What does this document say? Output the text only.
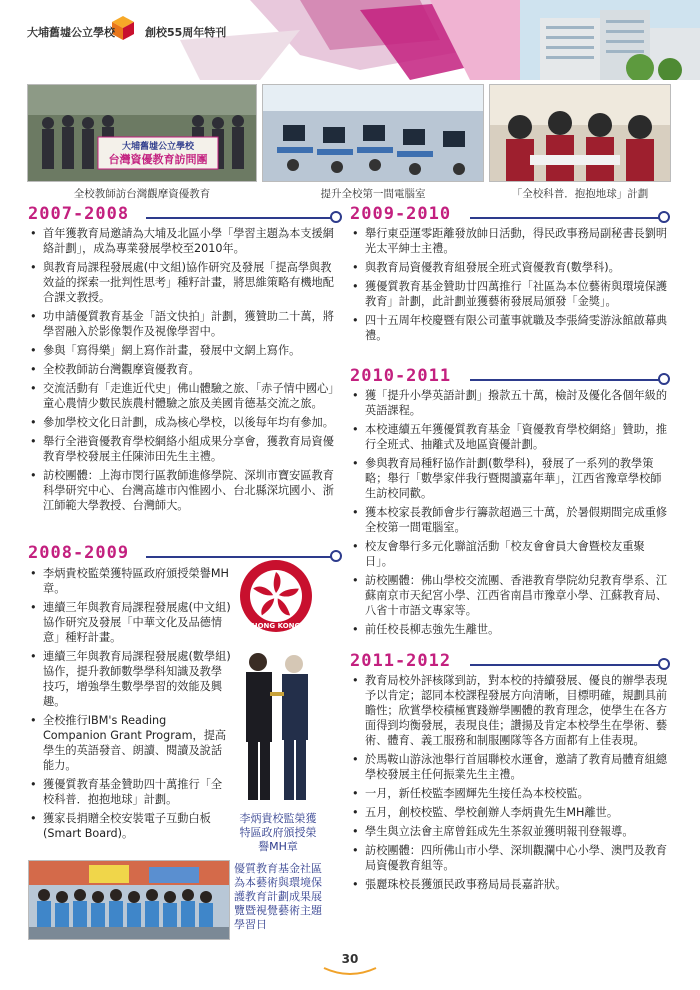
大埔舊墟公立學校	創校55周年特刊
大埔舊墟公立學校
台灣資優教育訪問團
全校教師訪台灣觀摩資優教育	提升全校第一間電腦室	「全校科普．抱抱地球」計劃
2007-2008
• 首年獲教育局邀請為大埔及北區小學「學習主題為本支援網絡計劃」，成為專業發展學校至2010年。
• 與教育局課程發展處(中文組)協作研究及發展「提高學與教效益的探索一批判性思考」種籽計畫，將思維策略有機地配合課文教授。
• 功申請優質教育基金「語文快拍」計劃，獲贊助二十萬，將學習融入於影像製作及視像學習中。
• 參與「寫得樂」網上寫作計畫，發展中文網上寫作。
• 全校教師訪台灣觀摩資優教育。
• 交流活動有「走進近代史」佛山體驗之旅、「赤子情中國心」童心農情少數民族農村體驗之旅及美國肯德基交流之旅。
• 參加學校文化日計劃，成為核心學校，以後每年均有參加。
• 舉行全港資優教育學校網絡小組成果分享會，獲教育局資優教育學校發展主任陳沛田先生主禮。
• 訪校團體：上海市閔行區教師進修學院、深圳市寶安區教育科學研究中心、台灣高雄市內惟國小、台北縣深坑國小、浙江師範大學教授、台灣師大。
2008-2009
• 李炳貴校監榮獲特區政府頒授榮譽MH章。
• 連續三年與教育局課程發展處(中文組)協作研究及發展「中華文化及品德情意」種籽計畫。
• 連續三年與教育局課程發展處(數學組)協作，提升教師數學學科知識及教學技巧，增強學生數學學習的效能及興趣。
• 全校推行IBM's Reading Companion Grant Program，提高學生的英語發音、朗讀、閱讀及說話能力。
• 獲優質教育基金贊助四十萬推行「全校科普．抱抱地球」計劃。
• 獲家長捐贈全校安裝電子互動白板(Smart Board)。
HONG KONG
李炳貴校監榮獲特區政府頒授榮譽MH章
優質教育基金社區為本藝術與環境保護教育計劃成果展覽暨視覺藝術主題學習日
2009-2010
• 舉行東亞運零距離發放帥日活動，得民政事務局副秘書長劉明光太平紳士主禮。
• 與教育局資優教育組發展全班式資優教育(數學科)。
• 獲優質教育基金贊助廿四萬推行「社區為本位藝術與環境保護教育」計劃，此計劃並獲藝術發展局頒發「金獎」。
• 四十五周年校慶暨有限公司董事就職及李張綺雯游泳館啟幕典禮。
2010-2011
• 獲「提升小學英語計劃」撥款五十萬，檢討及優化各個年級的英語課程。
• 本校連續五年獲優質教育基金「資優教育學校網絡」贊助，推行全班式、抽離式及地區資優計劃。
• 參與教育局種籽協作計劃(數學科)，發展了一系列的教學策略；舉行「數學家伴我行暨閱讀嘉年華」，江西省豫章學校師生訪校同歡。
• 獲本校家長教師會步行籌款超過三十萬，於暑假期間完成重修全校第一間電腦室。
• 校友會舉行多元化聯誼活動「校友會會員大會暨校友重聚日」。
• 訪校團體：佛山學校交流團、香港教育學院幼兒教育學系、江蘇南京市天紀宮小學、江西省南昌市豫章小學、江蘇教育局、八省十市語文專家等。
• 前任校長柳志強先生離世。
2011-2012
• 教育局校外評核隊到訪，對本校的持續發展、優良的辦學表現予以肯定；認同本校課程發展方向清晰，目標明確，規劃具前瞻性；欣賞學校積極實踐辦學團體的教育理念，使學生在各方面得到均衡發展，表現良佳；讚揚及肯定本校學生在學術、藝術、體育、義工服務和制服團隊等各方面都有上佳表現。
• 於馬鞍山游泳池舉行首屆聯校水運會，邀請了教育局體育組總學校發展主任何振業先生主禮。
• 一月，新任校監李國輝先生接任為本校校監。
• 五月，創校校監、學校創辦人李炳貴先生MH離世。
• 學生與立法會主席曾鈺成先生茶叙並獲明報刊登報導。
• 訪校團體：四所佛山市小學、深圳觀瀾中心小學、澳門及教育局資優教育組等。
• 張麗珠校長獲頒民政事務局局長嘉許狀。
30
